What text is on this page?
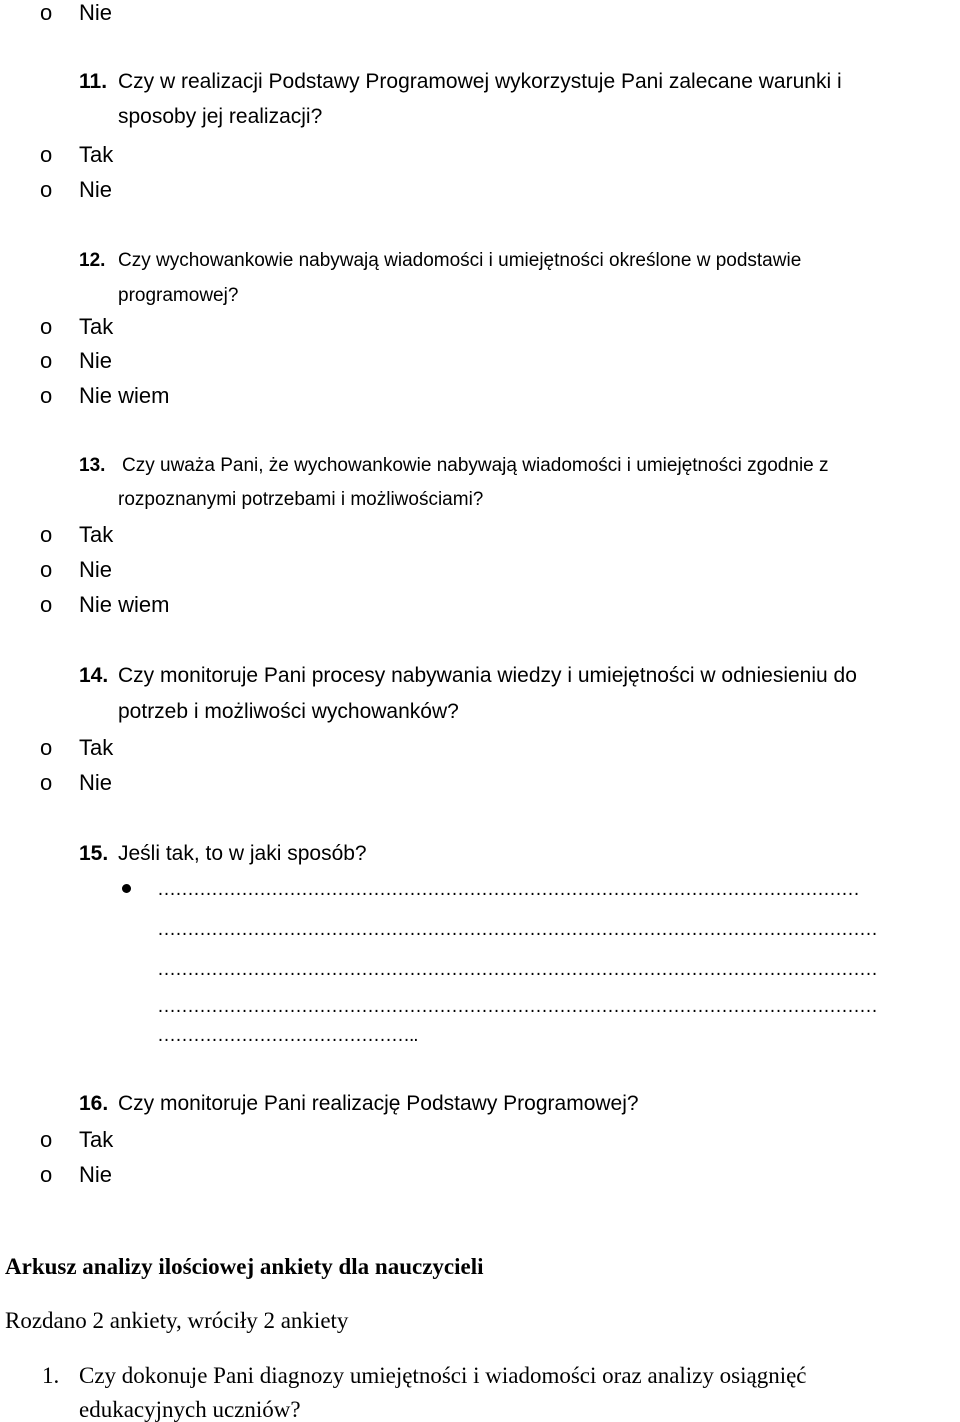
o Nie
11. Czy w realizacji Podstawy Programowej wykorzystuje Pani zalecane warunki i
sposoby jej realizacji?
o Tak
o Nie
12. Czy wychowankowie nabywają wiadomości i umiejętności określone w podstawie
programowej?
o Tak
o Nie
o Nie wiem
13. Czy uważa Pani, że wychowankowie nabywają wiadomości i umiejętności zgodnie z
rozpoznanymi potrzebami i możliwościami?
o Tak
o Nie
o Nie wiem
14. Czy monitoruje Pani procesy nabywania wiedzy i umiejętności w odniesieniu do
potrzeb i możliwości wychowanków?
o Tak
o Nie
15. Jeśli tak, to w jaki sposób?
………………………………………………………………………………………………………
…………………………………………………………………………………………………………
…………………………………………………………………………………………………………
…………………………………………………………………………………………………………
……………………………………..
16. Czy monitoruje Pani realizację Podstawy Programowej?
o Tak
o Nie
Arkusz analizy ilościowej ankiety dla nauczycieli
Rozdano 2 ankiety, wróciły 2 ankiety
1. Czy dokonuje Pani diagnozy umiejętności i wiadomości oraz analizy osiągnięć
edukacyjnych uczniów?
